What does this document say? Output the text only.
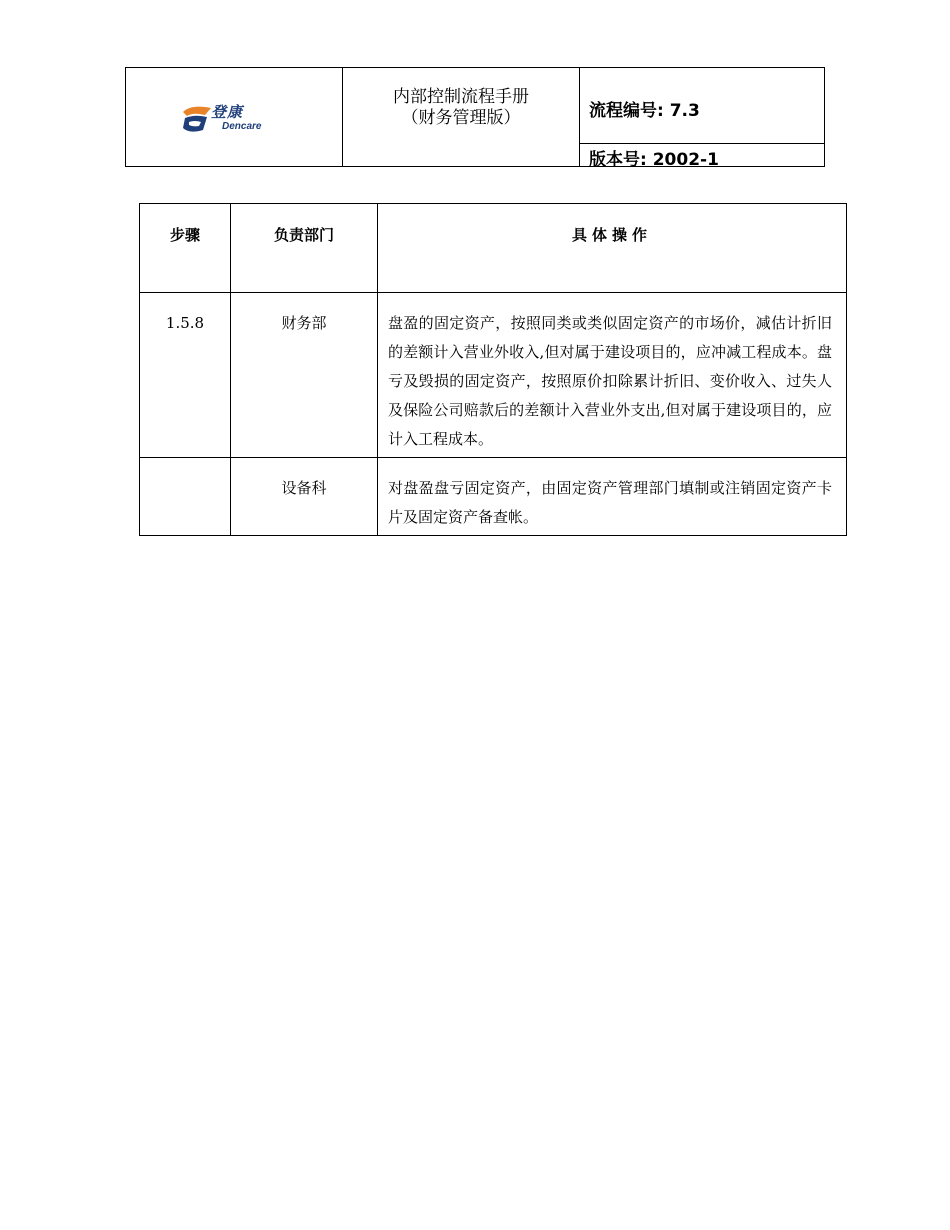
登康
Dencare
内部控制流程手册
（财务管理版）	流程编号: 7.3
版本号: 2002-1
步骤	负责部门	具体操作
1.5.8	财务部	盘盈的固定资产，按照同类或类似固定资产的市场价，减估计折旧的差额计入营业外收入,但对属于建设项目的，应冲减工程成本。盘亏及毁损的固定资产，按照原价扣除累计折旧、变价收入、过失人及保险公司赔款后的差额计入营业外支出,但对属于建设项目的，应计入工程成本。
	设备科	对盘盈盘亏固定资产，由固定资产管理部门填制或注销固定资产卡片及固定资产备查帐。
